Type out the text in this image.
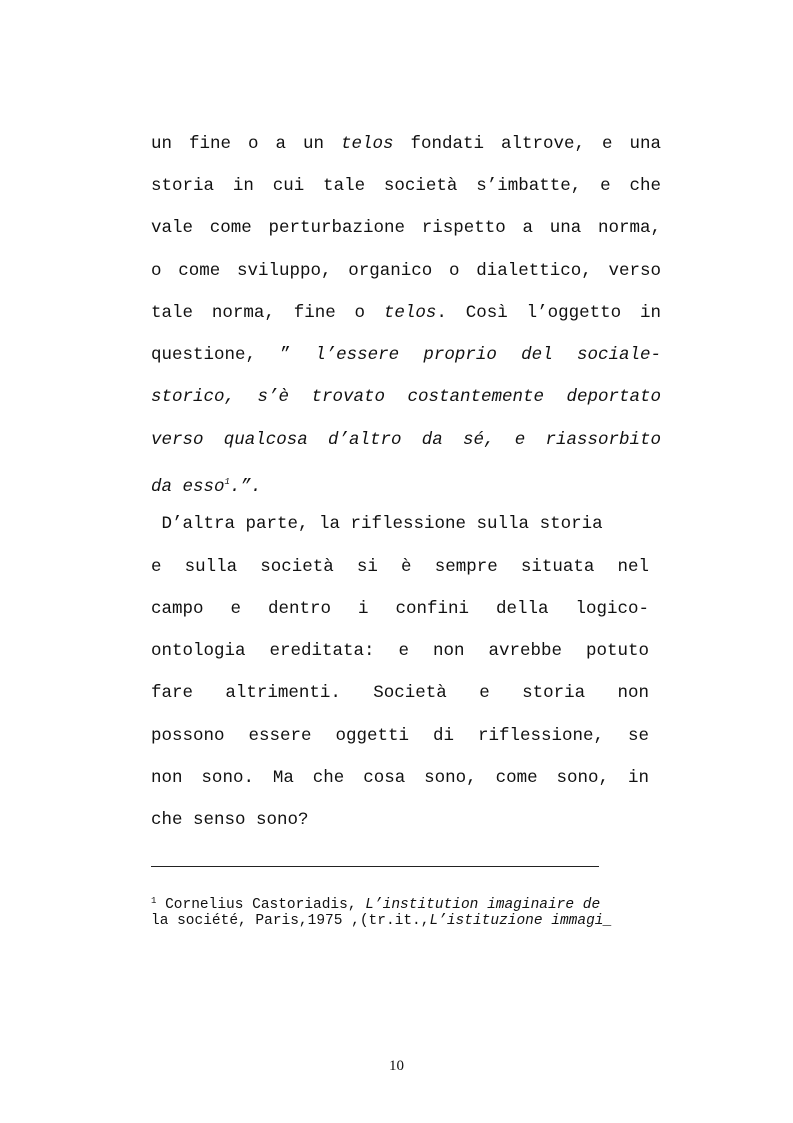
un fine o a un telos fondati altrove, e una
storia in cui tale società s’imbatte, e che
vale come perturbazione rispetto a una norma,
o come sviluppo, organico o dialettico, verso
tale norma, fine o telos. Così l’oggetto in
questione, ” l’essere proprio del sociale-
storico, s’è trovato costantemente deportato
verso qualcosa d’altro da sé, e riassorbito
da esso$^1$.”.
D’altra parte, la riflessione sulla storia
e sulla società si è sempre situata nel
campo e dentro i confini della logico-
ontologia ereditata: e non avrebbe potuto
fare altrimenti. Società e storia non
possono essere oggetti di riflessione, se
non sono. Ma che cosa sono, come sono, in
che senso sono?
$^1$ Cornelius Castoriadis, L’institution imaginaire de
la société, Paris,1975 ,(tr.it.,L’istituzione immagi_
10
